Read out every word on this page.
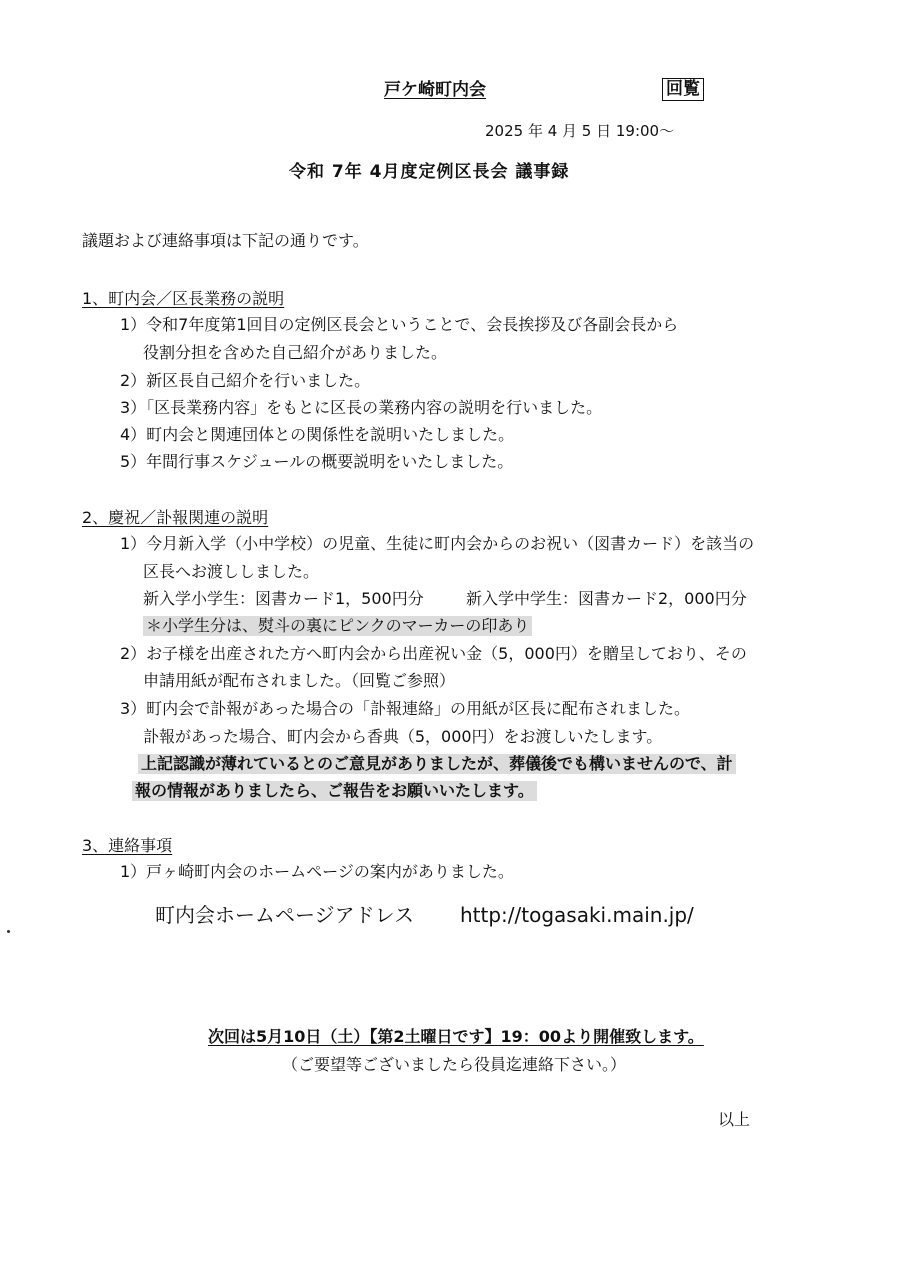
戸ケ崎町内会	回覧
2025 年 4 月 5 日 19:00～
令和 7年 4月度定例区長会 議事録
議題および連絡事項は下記の通りです。
1、町内会／区長業務の説明
1）令和7年度第1回目の定例区長会ということで、会長挨拶及び各副会長から
役割分担を含めた自己紹介がありました。
2）新区長自己紹介を行いました。
3）「区長業務内容」をもとに区長の業務内容の説明を行いました。
4）町内会と関連団体との関係性を説明いたしました。
5）年間行事スケジュールの概要説明をいたしました。
2、慶祝／訃報関連の説明
1）今月新入学（小中学校）の児童、生徒に町内会からのお祝い（図書カード）を該当の
区長へお渡ししました。
新入学小学生：図書カード1，500円分	新入学中学生：図書カード2，000円分
＊小学生分は、熨斗の裏にピンクのマーカーの印あり
2）お子様を出産された方へ町内会から出産祝い金（5，000円）を贈呈しており、その
申請用紙が配布されました。（回覧ご参照）
3）町内会で訃報があった場合の「訃報連絡」の用紙が区長に配布されました。
訃報があった場合、町内会から香典（5，000円）をお渡しいたします。
上記認識が薄れているとのご意見がありましたが、葬儀後でも構いませんので、計
報の情報がありましたら、ご報告をお願いいたします。
3、連絡事項
1）戸ヶ崎町内会のホームページの案内がありました。
町内会ホームページアドレス http://togasaki.main.jp/
次回は5月10日（土）【第2土曜日です】19：00より開催致します。
（ご要望等ございましたら役員迄連絡下さい。）
以上
